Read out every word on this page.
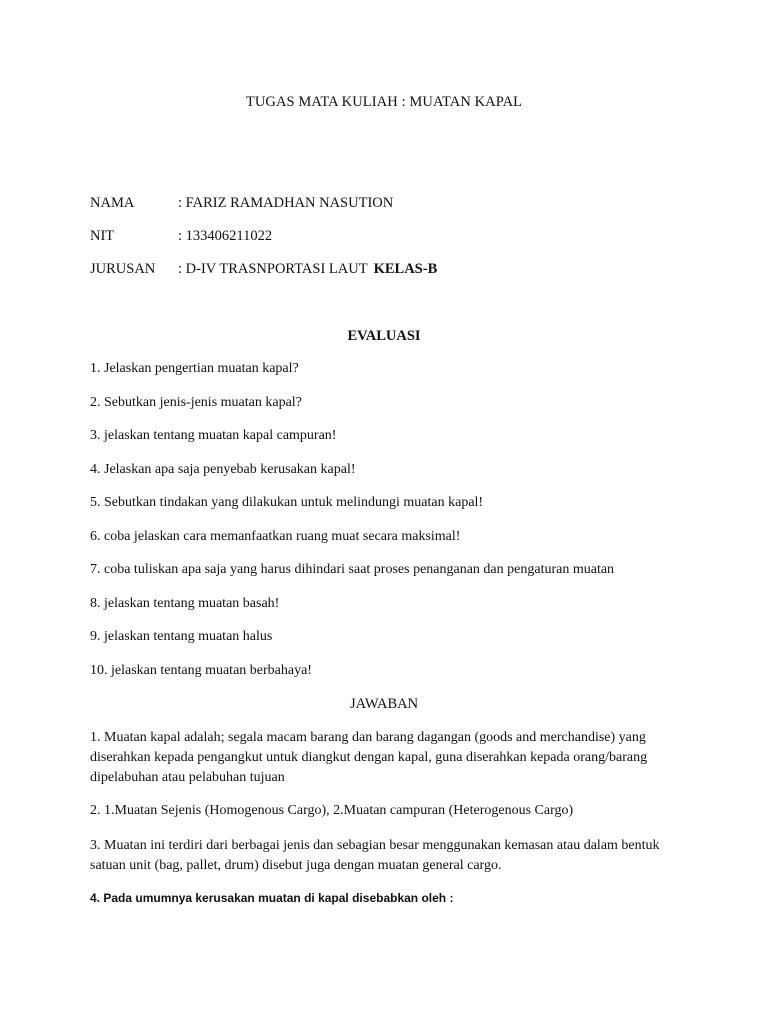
TUGAS MATA KULIAH : MUATAN KAPAL
NAMA	: FARIZ RAMADHAN NASUTION
NIT	: 133406211022
JURUSAN : D-IV TRASNPORTASI LAUT KELAS-B
EVALUASI
1. Jelaskan pengertian muatan kapal?
2. Sebutkan jenis-jenis muatan kapal?
3. jelaskan tentang muatan kapal campuran!
4. Jelaskan apa saja penyebab kerusakan kapal!
5. Sebutkan tindakan yang dilakukan untuk melindungi muatan kapal!
6. coba jelaskan cara memanfaatkan ruang muat secara maksimal!
7. coba tuliskan apa saja yang harus dihindari saat proses penanganan dan pengaturan muatan
8. jelaskan tentang muatan basah!
9. jelaskan tentang muatan halus
10. jelaskan tentang muatan berbahaya!
JAWABAN
1. Muatan kapal adalah; segala macam barang dan barang dagangan (goods and merchandise) yang diserahkan kepada pengangkut untuk diangkut dengan kapal, guna diserahkan kepada orang/barang dipelabuhan atau pelabuhan tujuan
2. 1.Muatan Sejenis (Homogenous Cargo), 2.Muatan campuran (Heterogenous Cargo)
3. Muatan ini terdiri dari berbagai jenis dan sebagian besar menggunakan kemasan atau dalam bentuk satuan unit (bag, pallet, drum) disebut juga dengan muatan general cargo.
4. Pada umumnya kerusakan muatan di kapal disebabkan oleh :
